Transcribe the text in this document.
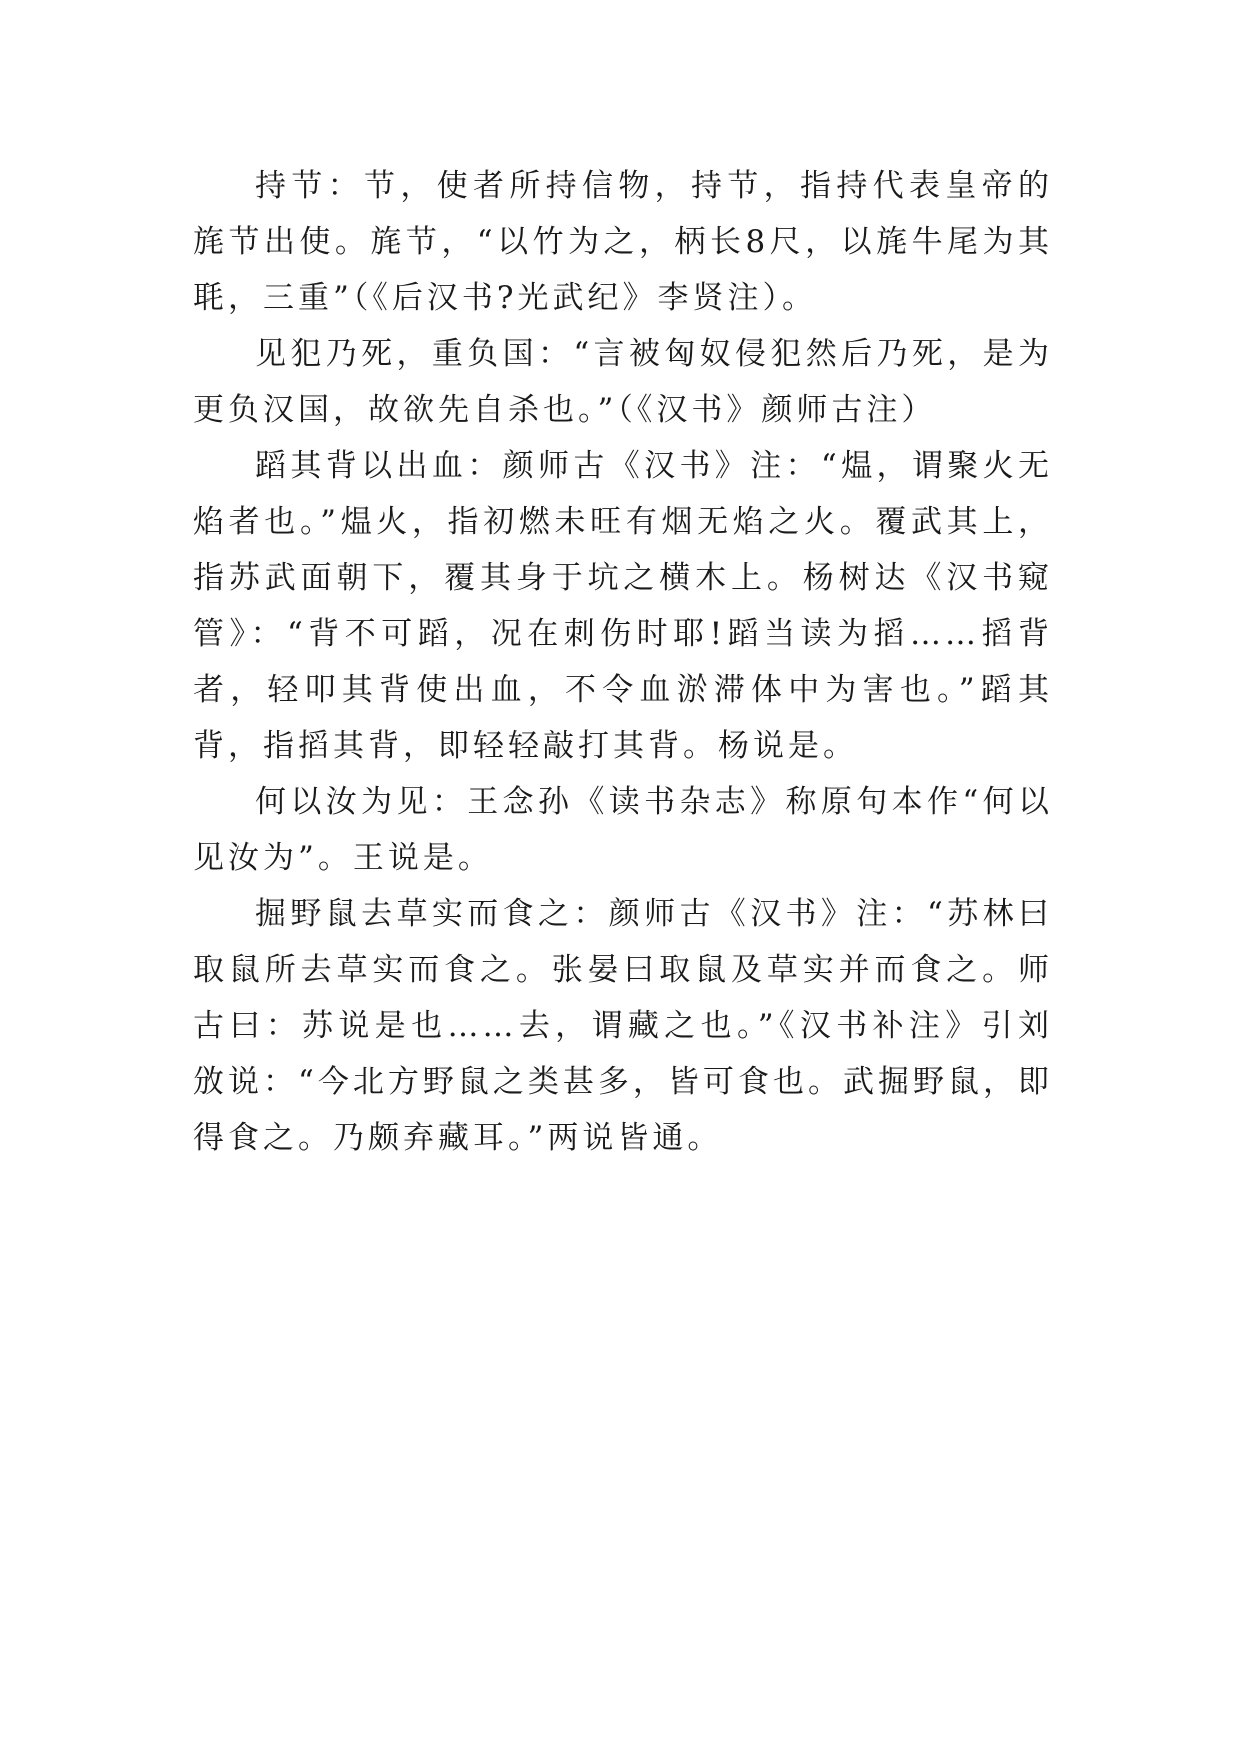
持节：节，使者所持信物，持节，指持代表皇帝的旄节出使。旄节，“以竹为之，柄长8尺，以旄牛尾为其毦，三重”（《后汉书?光武纪》李贤注）。

见犯乃死，重负国：“言被匈奴侵犯然后乃死，是为更负汉国，故欲先自杀也。”（《汉书》颜师古注）

蹈其背以出血：颜师古《汉书》注：“煴，谓聚火无焰者也。”煴火，指初燃未旺有烟无焰之火。覆武其上，指苏武面朝下，覆其身于坑之横木上。杨树达《汉书窥管》：“背不可蹈，况在刺伤时耶!蹈当读为搯……搯背者，轻叩其背使出血，不令血淤滞体中为害也。”蹈其背，指搯其背，即轻轻敲打其背。杨说是。

何以汝为见：王念孙《读书杂志》称原句本作“何以见汝为”。王说是。

掘野鼠去草实而食之：颜师古《汉书》注：“苏林曰取鼠所去草实而食之。张晏曰取鼠及草实并而食之。师古曰：苏说是也……去，谓藏之也。”《汉书补注》引刘攽说：“今北方野鼠之类甚多，皆可食也。武掘野鼠，即得食之。乃颇弃藏耳。”两说皆通。
